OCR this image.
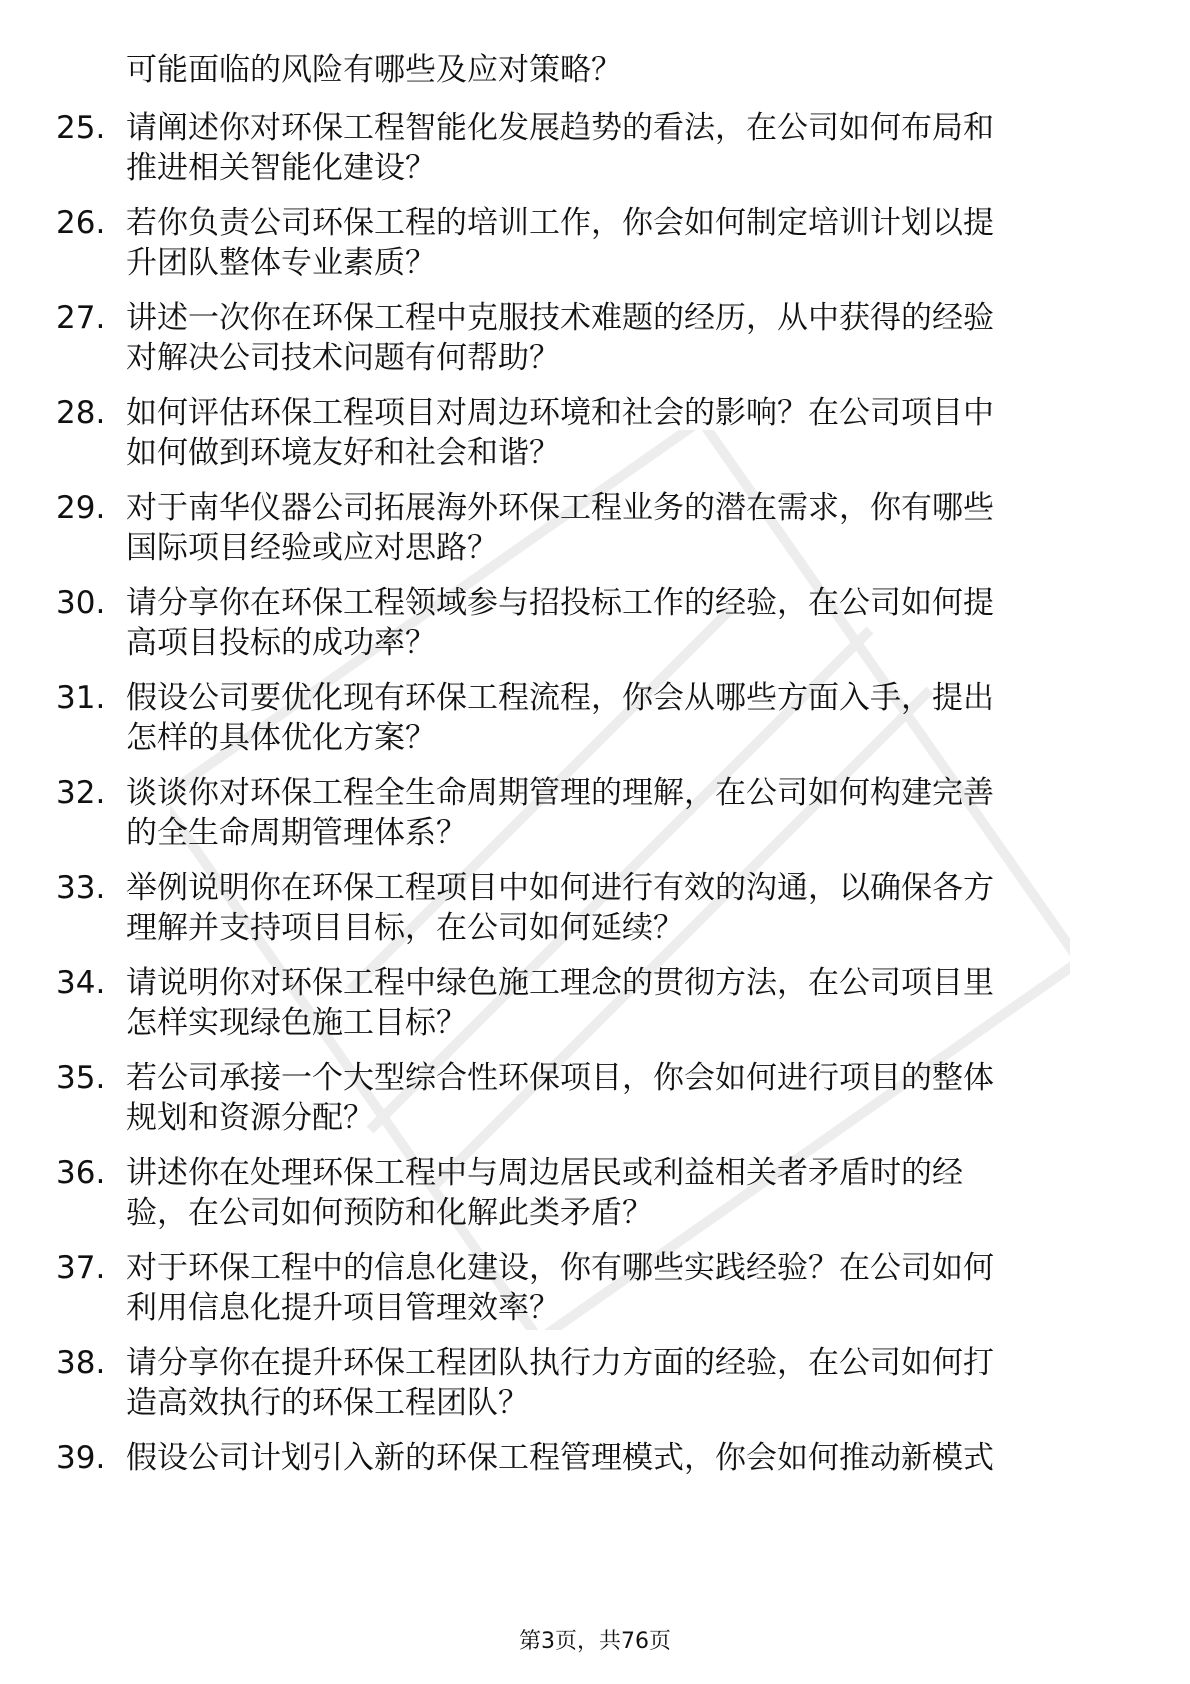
可能面临的风险有哪些及应对策略？
25. 请阐述你对环保工程智能化发展趋势的看法，在公司如何布局和
推进相关智能化建设？
26. 若你负责公司环保工程的培训工作，你会如何制定培训计划以提
升团队整体专业素质？
27. 讲述一次你在环保工程中克服技术难题的经历，从中获得的经验
对解决公司技术问题有何帮助？
28. 如何评估环保工程项目对周边环境和社会的影响？在公司项目中
如何做到环境友好和社会和谐？
29. 对于南华仪器公司拓展海外环保工程业务的潜在需求，你有哪些
国际项目经验或应对思路？
30. 请分享你在环保工程领域参与招投标工作的经验，在公司如何提
高项目投标的成功率？
31. 假设公司要优化现有环保工程流程，你会从哪些方面入手，提出
怎样的具体优化方案？
32. 谈谈你对环保工程全生命周期管理的理解，在公司如何构建完善
的全生命周期管理体系？
33. 举例说明你在环保工程项目中如何进行有效的沟通，以确保各方
理解并支持项目目标，在公司如何延续？
34. 请说明你对环保工程中绿色施工理念的贯彻方法，在公司项目里
怎样实现绿色施工目标？
35. 若公司承接一个大型综合性环保项目，你会如何进行项目的整体
规划和资源分配？
36. 讲述你在处理环保工程中与周边居民或利益相关者矛盾时的经
验，在公司如何预防和化解此类矛盾？
37. 对于环保工程中的信息化建设，你有哪些实践经验？在公司如何
利用信息化提升项目管理效率？
38. 请分享你在提升环保工程团队执行力方面的经验，在公司如何打
造高效执行的环保工程团队？
39. 假设公司计划引入新的环保工程管理模式，你会如何推动新模式
第3页，共76页
